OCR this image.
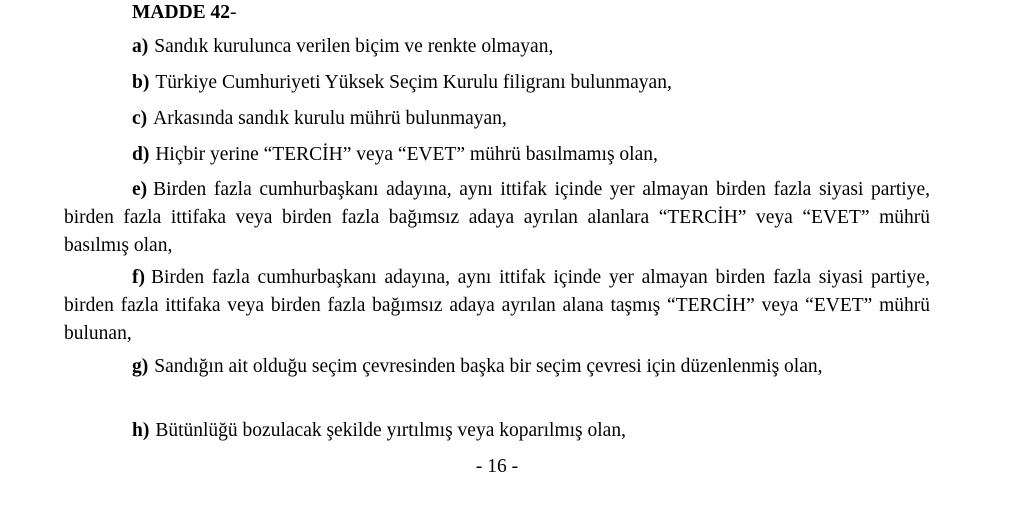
MADDE 42-
a) Sandık kurulunca verilen biçim ve renkte olmayan,
b) Türkiye Cumhuriyeti Yüksek Seçim Kurulu filigranı bulunmayan,
c) Arkasında sandık kurulu mührü bulunmayan,
d) Hiçbir yerine “TERCİH” veya “EVET” mührü basılmamış olan,
e) Birden fazla cumhurbaşkanı adayına, aynı ittifak içinde yer almayan birden fazla siyasi partiye, birden fazla ittifaka veya birden fazla bağımsız adaya ayrılan alanlara “TERCİH” veya “EVET” mührü basılmış olan,
f) Birden fazla cumhurbaşkanı adayına, aynı ittifak içinde yer almayan birden fazla siyasi partiye, birden fazla ittifaka veya birden fazla bağımsız adaya ayrılan alana taşmış “TERCİH” veya “EVET” mührü bulunan,
g) Sandığın ait olduğu seçim çevresinden başka bir seçim çevresi için düzenlenmiş olan,
h) Bütünlüğü bozulacak şekilde yırtılmış veya koparılmış olan,
- 16 -
